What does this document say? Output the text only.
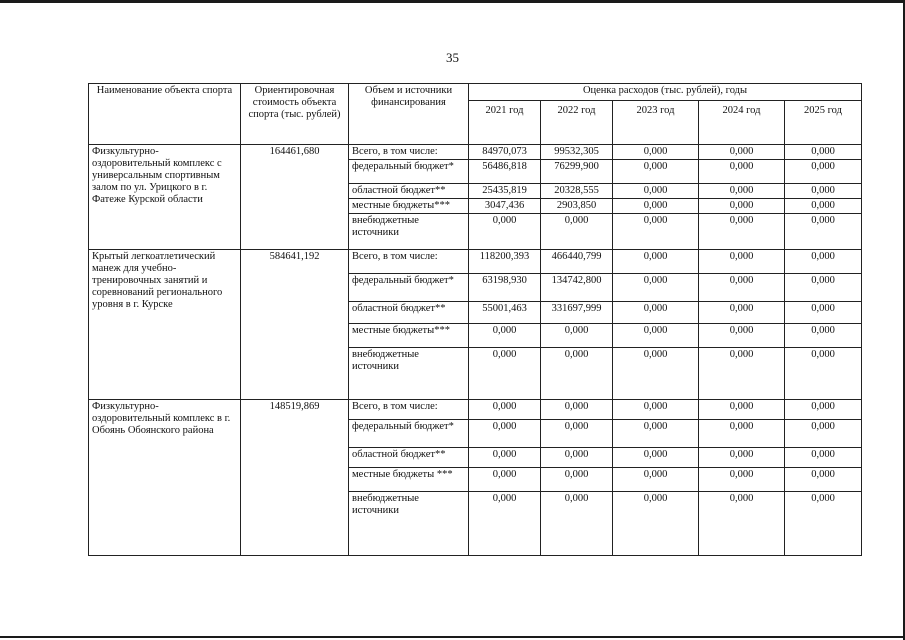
35
Наименование объекта спорта	Ориентировочная стоимость объекта спорта (тыс. рублей)	Объем и источники финансирования	Оценка расходов (тыс. рублей), годы				
			2021 год	2022 год	2023 год	2024 год	2025 год
Физкультурно-оздоровительный комплекс с универсальным спортивным залом по ул. Урицкого в г. Фатеже Курской области	164461,680	Всего, в том числе:	84970,073	99532,305	0,000	0,000	0,000
		федеральный бюджет*	56486,818	76299,900	0,000	0,000	0,000
		областной бюджет**	25435,819	20328,555	0,000	0,000	0,000
		местные бюджеты***	3047,436	2903,850	0,000	0,000	0,000
		внебюджетные источники	0,000	0,000	0,000	0,000	0,000
Крытый легкоатлетический манеж для учебно-тренировочных занятий и соревнований регионального уровня в г. Курске	584641,192	Всего, в том числе:	118200,393	466440,799	0,000	0,000	0,000
		федеральный бюджет*	63198,930	134742,800	0,000	0,000	0,000
		областной бюджет**	55001,463	331697,999	0,000	0,000	0,000
		местные бюджеты***	0,000	0,000	0,000	0,000	0,000
		внебюджетные источники	0,000	0,000	0,000	0,000	0,000
Физкультурно-оздоровительный комплекс в г. Обоянь Обоянского района	148519,869	Всего, в том числе:	0,000	0,000	0,000	0,000	0,000
		федеральный бюджет*	0,000	0,000	0,000	0,000	0,000
		областной бюджет**	0,000	0,000	0,000	0,000	0,000
		местные бюджеты ***	0,000	0,000	0,000	0,000	0,000
		внебюджетные источники	0,000	0,000	0,000	0,000	0,000
